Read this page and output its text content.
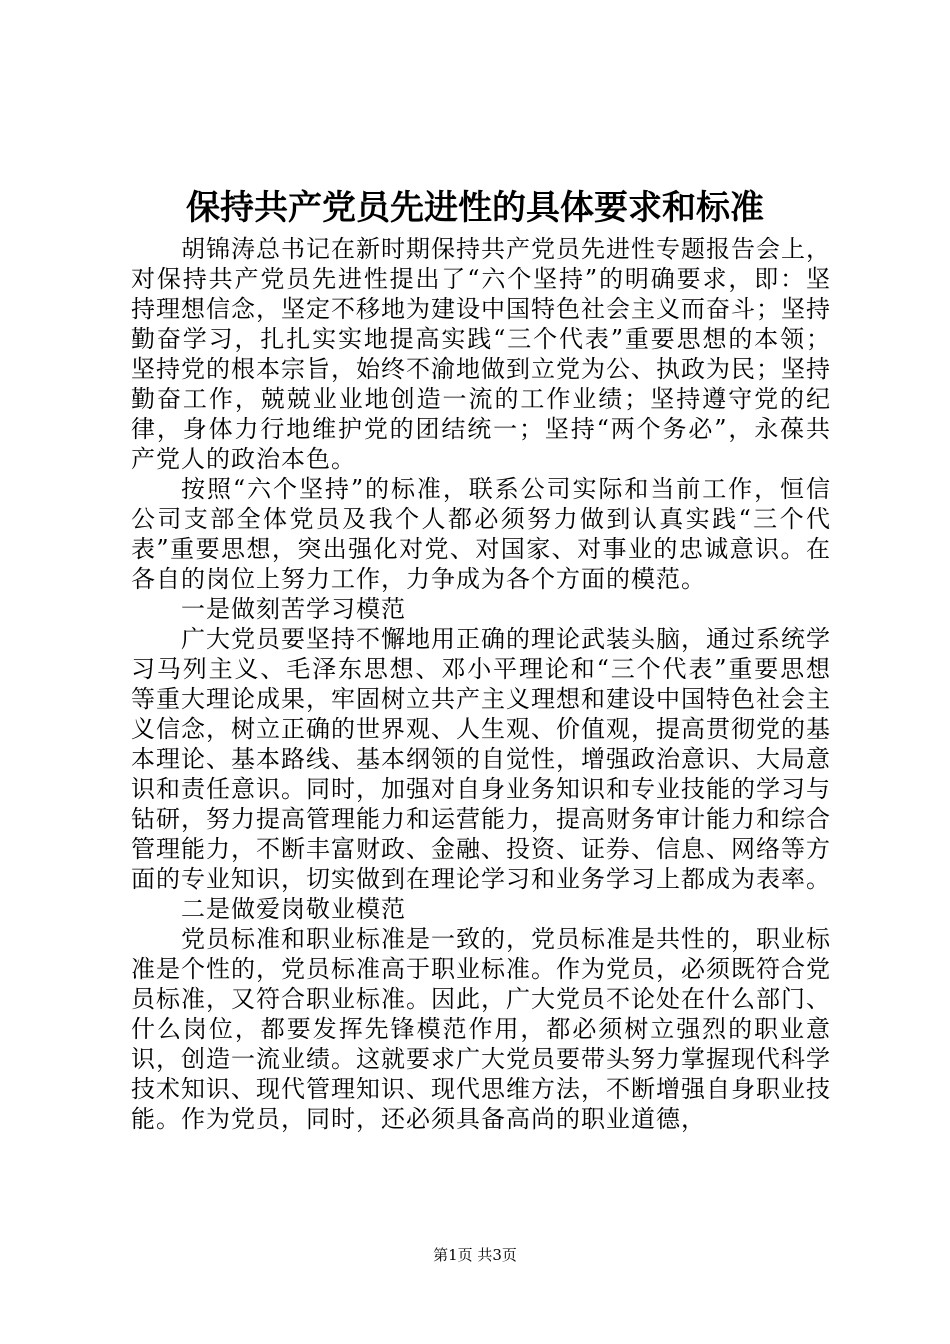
保持共产党员先进性的具体要求和标准

胡锦涛总书记在新时期保持共产党员先进性专题报告会上，对保持共产党员先进性提出了“六个坚持”的明确要求，即：坚持理想信念，坚定不移地为建设中国特色社会主义而奋斗；坚持勤奋学习，扎扎实实地提高实践“三个代表”重要思想的本领；坚持党的根本宗旨，始终不渝地做到立党为公、执政为民；坚持勤奋工作，兢兢业业地创造一流的工作业绩；坚持遵守党的纪律，身体力行地维护党的团结统一；坚持“两个务必”，永葆共产党人的政治本色。

按照“六个坚持”的标准，联系公司实际和当前工作，恒信公司支部全体党员及我个人都必须努力做到认真实践“三个代表”重要思想，突出强化对党、对国家、对事业的忠诚意识。在各自的岗位上努力工作，力争成为各个方面的模范。

一是做刻苦学习模范

广大党员要坚持不懈地用正确的理论武装头脑，通过系统学习马列主义、毛泽东思想、邓小平理论和“三个代表”重要思想等重大理论成果，牢固树立共产主义理想和建设中国特色社会主义信念，树立正确的世界观、人生观、价值观，提高贯彻党的基本理论、基本路线、基本纲领的自觉性，增强政治意识、大局意识和责任意识。同时，加强对自身业务知识和专业技能的学习与钻研，努力提高管理能力和运营能力，提高财务审计能力和综合管理能力，不断丰富财政、金融、投资、证券、信息、网络等方面的专业知识，切实做到在理论学习和业务学习上都成为表率。

二是做爱岗敬业模范

党员标准和职业标准是一致的，党员标准是共性的，职业标准是个性的，党员标准高于职业标准。作为党员，必须既符合党员标准，又符合职业标准。因此，广大党员不论处在什么部门、什么岗位，都要发挥先锋模范作用，都必须树立强烈的职业意识，创造一流业绩。这就要求广大党员要带头努力掌握现代科学技术知识、现代管理知识、现代思维方法，不断增强自身职业技能。作为党员，同时，还必须具备高尚的职业道德，

第1页 共3页
